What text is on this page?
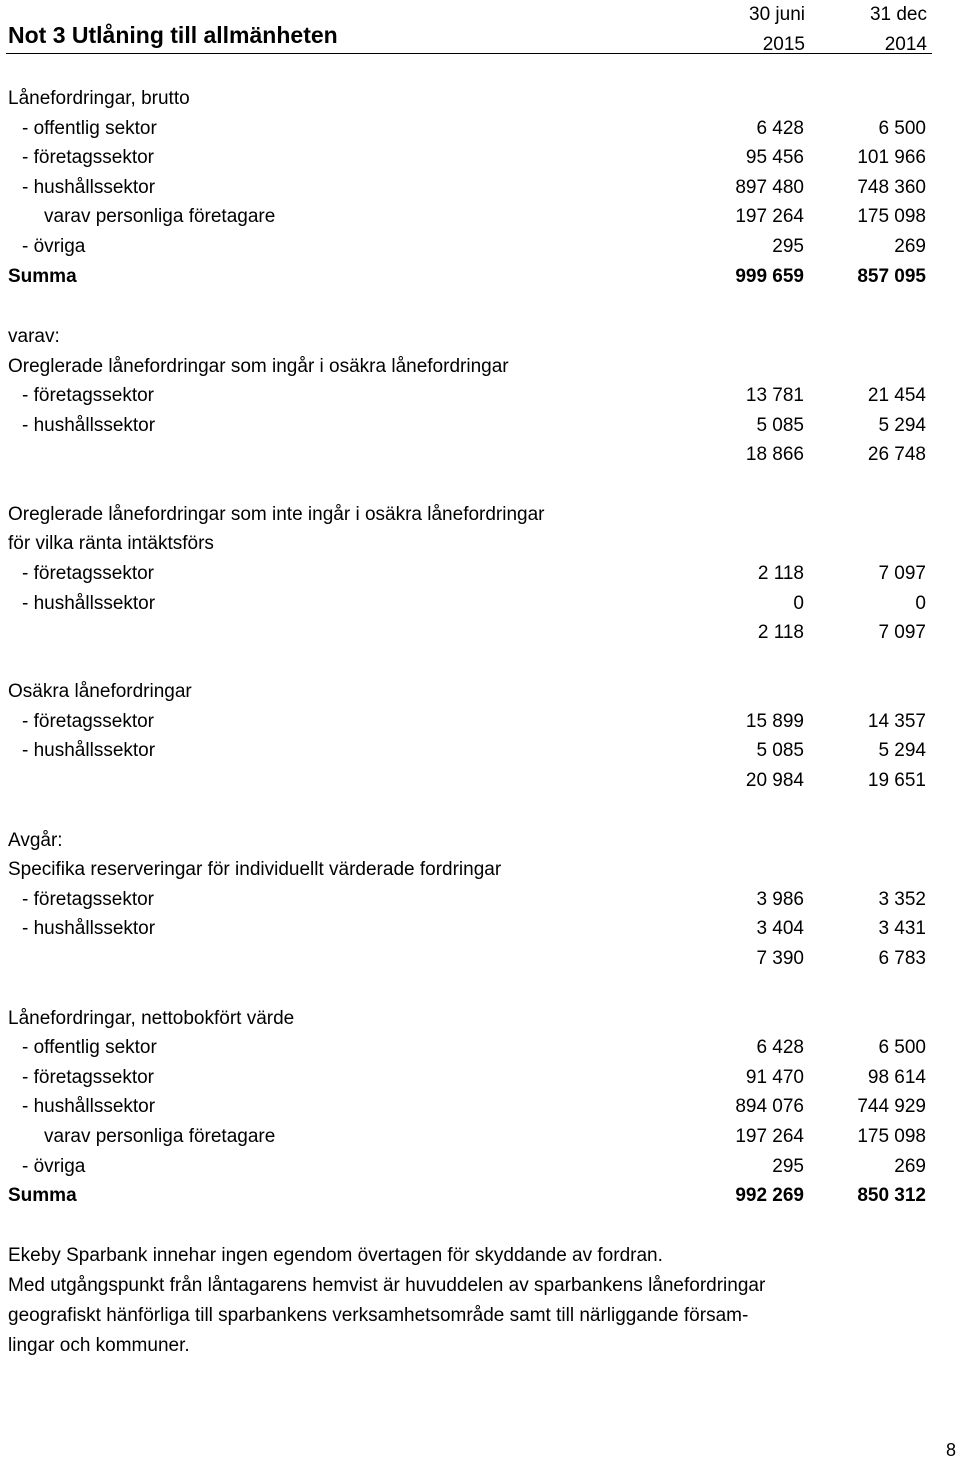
Not 3 Utlåning till allmänheten
30 juni
2015
31 dec
2014
Lånefordringar, brutto
- offentlig sektor	6 428	6 500
- företagssektor	95 456	101 966
- hushållssektor	897 480	748 360
varav personliga företagare	197 264	175 098
- övriga	295	269
Summa	999 659	857 095
varav:
Oreglerade lånefordringar som ingår i osäkra lånefordringar
- företagssektor	13 781	21 454
- hushållssektor	5 085	5 294
18 866	26 748
Oreglerade lånefordringar som inte ingår i osäkra lånefordringar
för vilka ränta intäktsförs
- företagssektor	2 118	7 097
- hushållssektor	0	0
2 118	7 097
Osäkra lånefordringar
- företagssektor	15 899	14 357
- hushållssektor	5 085	5 294
20 984	19 651
Avgår:
Specifika reserveringar för individuellt värderade fordringar
- företagssektor	3 986	3 352
- hushållssektor	3 404	3 431
7 390	6 783
Lånefordringar, nettobokfört värde
- offentlig sektor	6 428	6 500
- företagssektor	91 470	98 614
- hushållssektor	894 076	744 929
varav personliga företagare	197 264	175 098
- övriga	295	269
Summa	992 269	850 312
Ekeby Sparbank innehar ingen egendom övertagen för skyddande av fordran.
Med utgångspunkt från låntagarens hemvist är huvuddelen av sparbankens lånefordringar
geografiskt hänförliga till sparbankens verksamhetsområde samt till närliggande försam-
lingar och kommuner.
8
